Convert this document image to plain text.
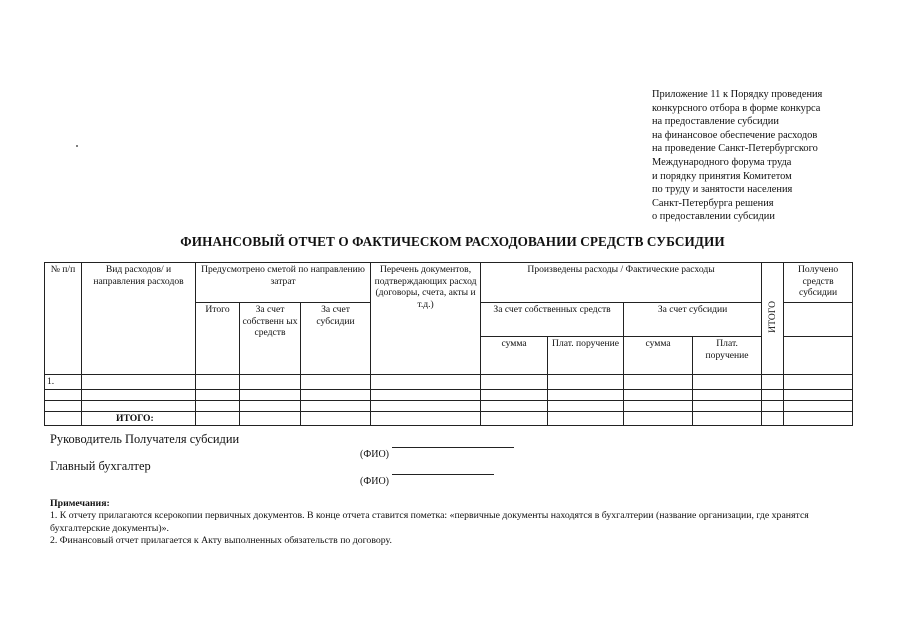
Приложение 11 к Порядку проведения
конкурсного отбора в форме конкурса
на предоставление субсидии
на финансовое обеспечение расходов
на проведение Санкт-Петербургского
Международного форума труда
и порядку принятия Комитетом
по труду и занятости населения
Санкт-Петербурга решения
о предоставлении субсидии
ФИНАНСОВЫЙ ОТЧЕТ О ФАКТИЧЕСКОМ РАСХОДОВАНИИ СРЕДСТВ СУБСИДИИ
№ п/п	Вид расходов/ и направления расходов	Предусмотрено сметой по направлению затрат			Перечень документов, подтверждающих расход (договоры, счета, акты и т.д.)	Произведены расходы / Фактические расходы				ИТОГО	Получено средств субсидии
		Итого	За счет собственн ых средств	За счет субсидии		За счет собственных средств		За счет субсидии			
						сумма	Плат. поручение	сумма	Плат. поручение		
1.											

	ИТОГО:										
Руководитель Получателя субсидии
(ФИО)
Главный бухгалтер
(ФИО)
Примечания:
1. К отчету прилагаются ксерокопии первичных документов. В конце отчета ставится пометка: «первичные документы находятся в бухгалтерии (название организации, где хранятся бухгалтерские документы)».
2. Финансовый отчет прилагается к Акту выполненных обязательств по договору.
